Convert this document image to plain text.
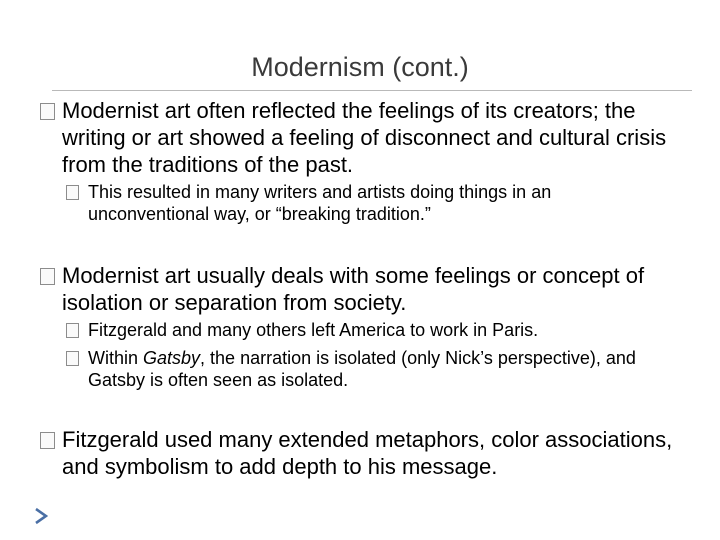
Modernism (cont.)
Modernist art often reflected the feelings of its creators; the writing or art showed a feeling of disconnect and cultural crisis from the traditions of the past.
This resulted in many writers and artists doing things in an unconventional way, or “breaking tradition.”
Modernist art usually deals with some feelings or concept of isolation or separation from society.
Fitzgerald and many others left America to work in Paris.
Within Gatsby, the narration is isolated (only Nick’s perspective), and Gatsby is often seen as isolated.
Fitzgerald used many extended metaphors, color associations, and symbolism to add depth to his message.
